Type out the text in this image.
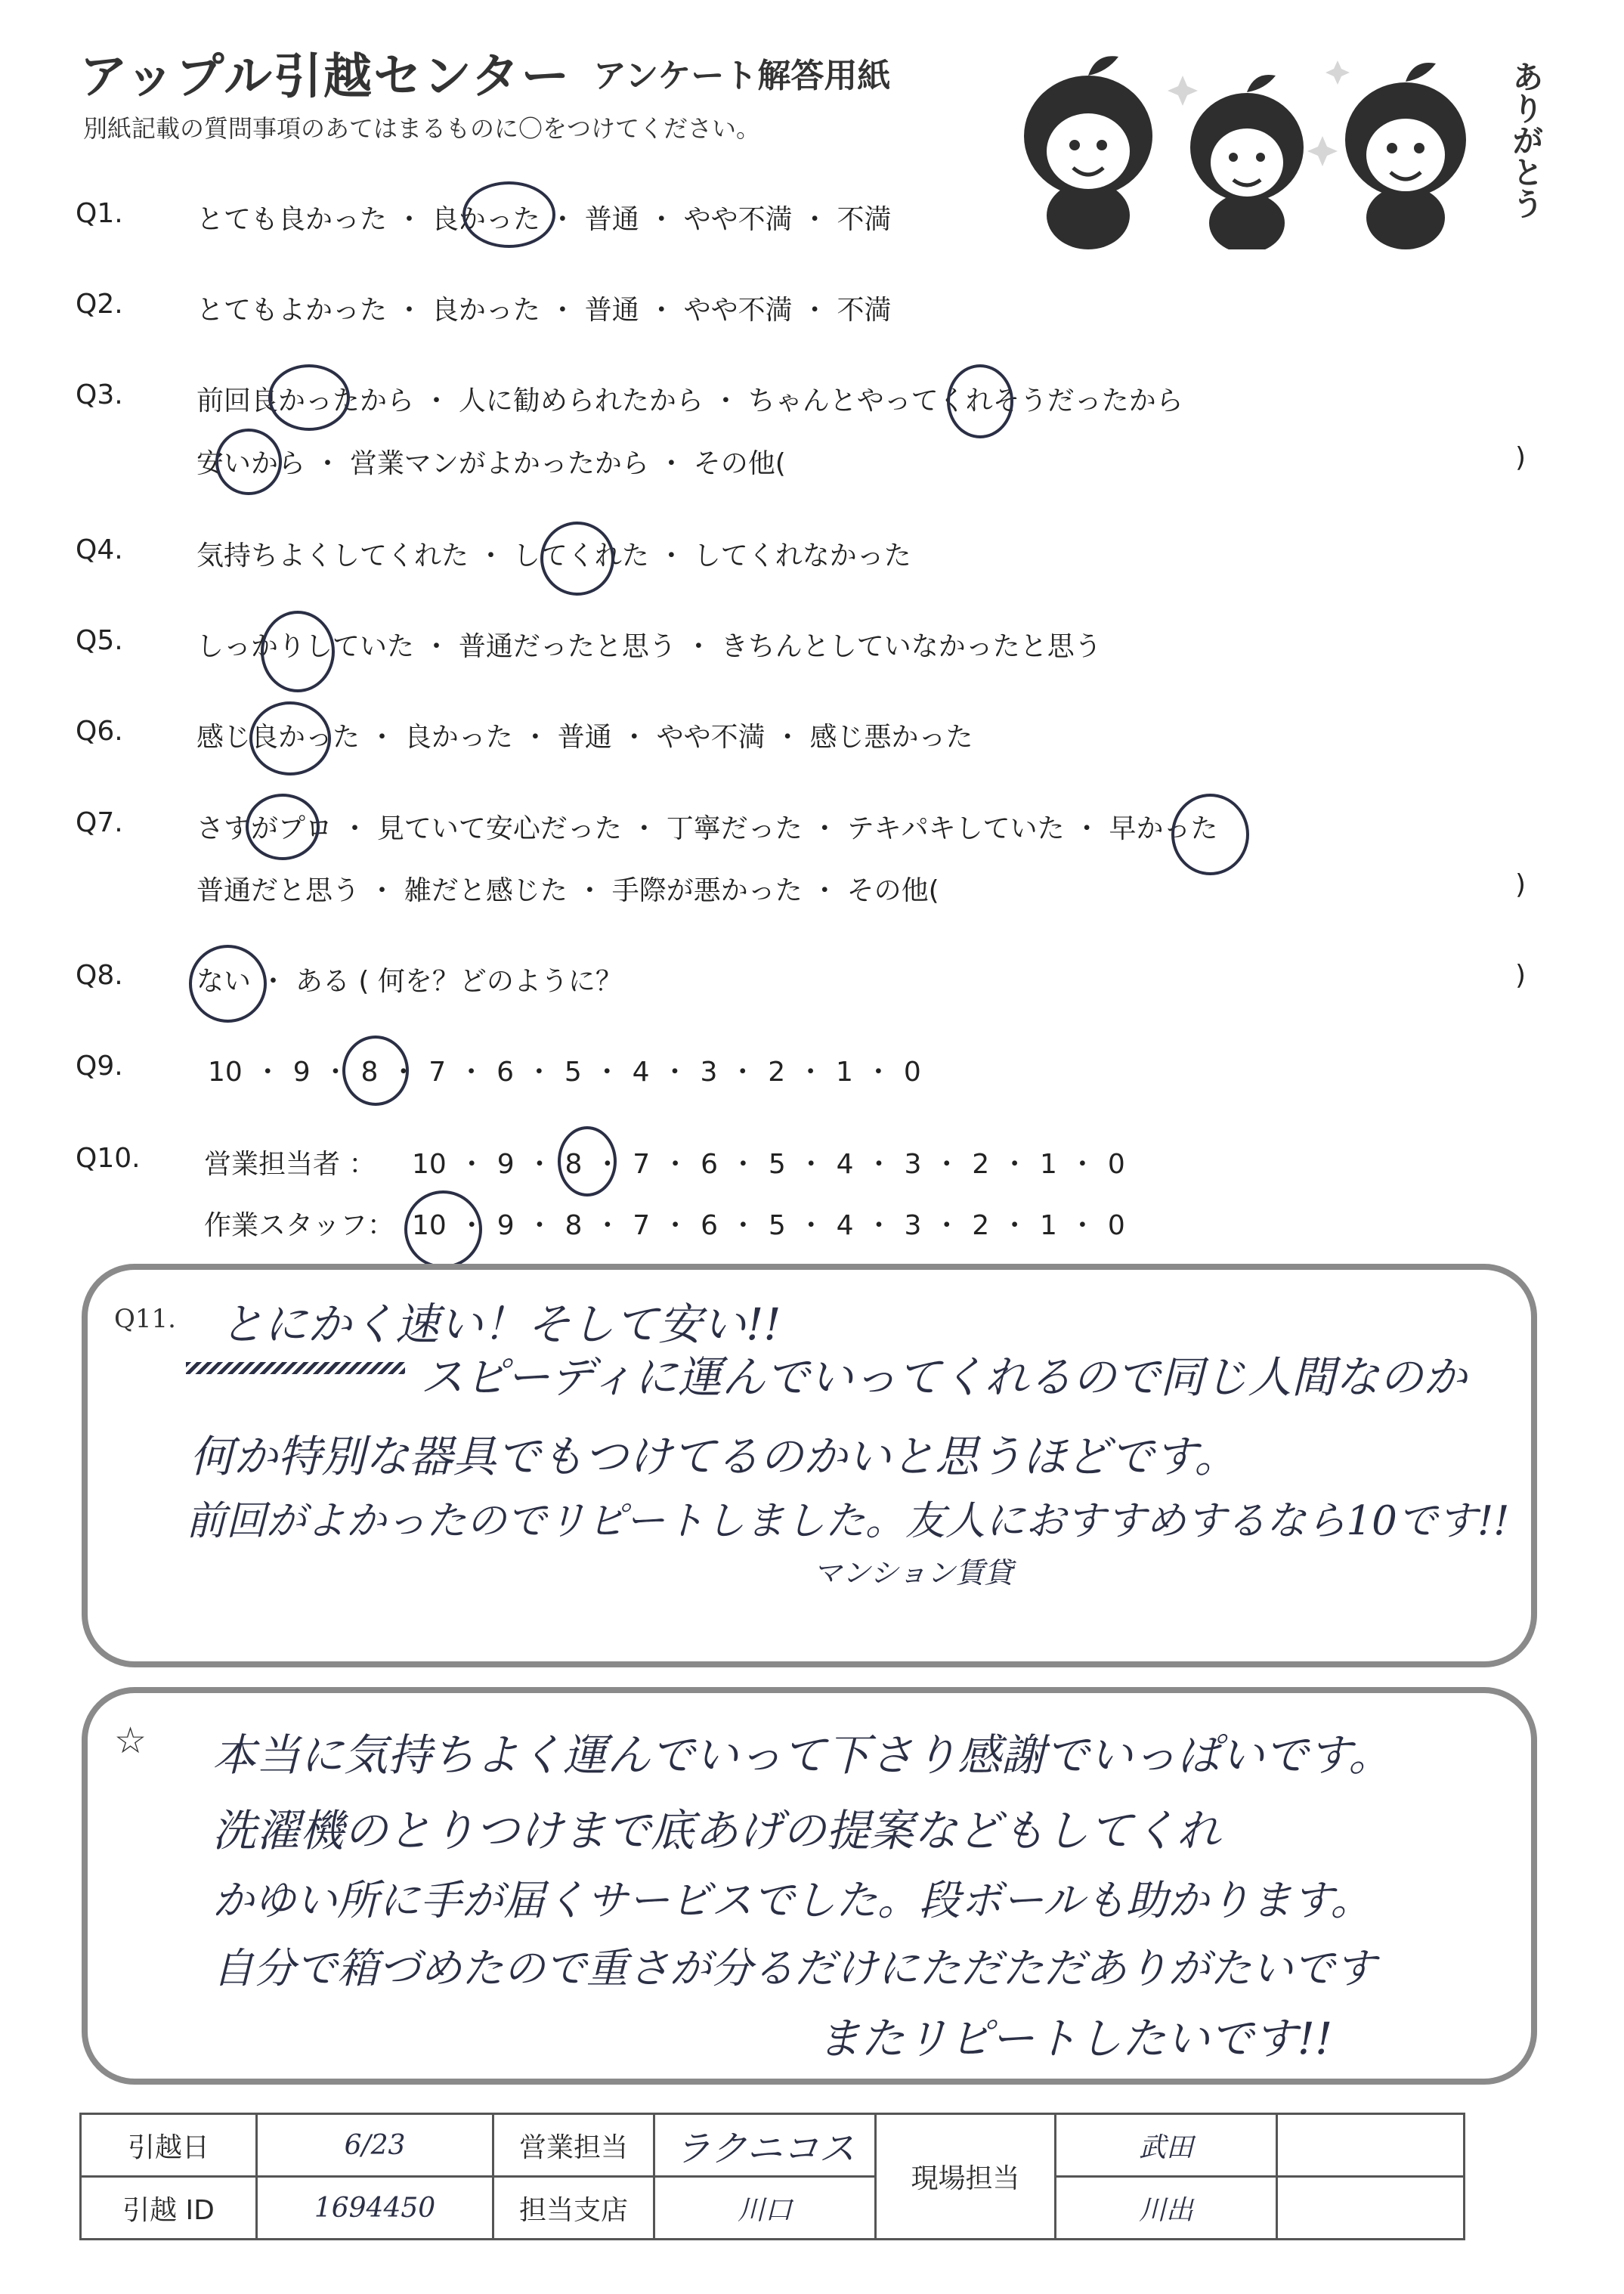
アップル引越センター アンケート解答用紙
別紙記載の質問事項のあてはまるものに〇をつけてください。	ありがとう
Q1.	とても良かった ・ 良かった ・ 普通 ・ やや不満 ・ 不満
Q2.	とてもよかった ・ 良かった ・ 普通 ・ やや不満 ・ 不満
Q3.	前回良かったから ・ 人に勧められたから ・ ちゃんとやってくれそうだったから
安いから ・ 営業マンがよかったから ・ その他(	)
Q4.	気持ちよくしてくれた ・ してくれた ・ してくれなかった
Q5.	しっかりしていた ・ 普通だったと思う ・ きちんとしていなかったと思う
Q6.	感じ良かった ・ 良かった ・ 普通 ・ やや不満 ・ 感じ悪かった
Q7.	さすがプロ ・ 見ていて安心だった ・ 丁寧だった ・ テキパキしていた ・ 早かった
普通だと思う ・ 雑だと感じた ・ 手際が悪かった ・ その他(	)
Q8.	ない ・ ある ( 何を？どのように？	)
Q9.	10 ・ 9 ・ 8 ・ 7 ・ 6 ・ 5 ・ 4 ・ 3 ・ 2 ・ 1 ・ 0
Q10.	営業担当者 ： 10 ・ 9 ・ 8 ・ 7 ・ 6 ・ 5 ・ 4 ・ 3 ・ 2 ・ 1 ・ 0
作業スタッフ： 10 ・ 9 ・ 8 ・ 7 ・ 6 ・ 5 ・ 4 ・ 3 ・ 2 ・ 1 ・ 0
Q11. とにかく速い！そして安い!!
スピーディに運んでいってくれるので同じ人間なのか
何か特別な器具でもつけてるのかいと思うほどです。
前回がよかったのでリピートしました。友人におすすめするなら10です!!
マンション賃貸
☆ 本当に気持ちよく運んでいって下さり感謝でいっぱいです。
洗濯機のとりつけまで底あげの提案などもしてくれ
かゆい所に手が届くサービスでした。段ボールも助かります。
自分で箱づめたので重さが分るだけにただただありがたいです
またリピートしたいです!!
引越日	6/23	営業担当	ラクニコス	現場担当	武田	
引越 ID	1694450	担当支店	川口		川出	
